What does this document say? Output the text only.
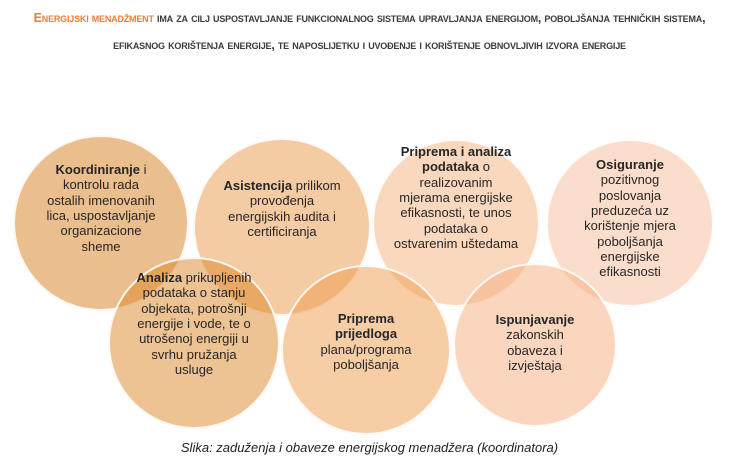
Energijski menadžment ima za cilj uspostavljanje funkcionalnog sistema upravljanja energijom, poboljšanja tehničkih sistema, efikasnog korištenja energije, te naposlijetku i uvođenje i korištenje obnovljivih izvora energije
Koordiniranje i kontrolu rada ostalih imenovanih lica, uspostavljanje organizacione sheme
Asistencija prilikom provođenja energijskih audita i certificiranja
Priprema i analiza podataka o realizovanim mjerama energijske efikasnosti, te unos podataka o ostvarenim uštedama
Osiguranje pozitivnog poslovanja preduzeća uz korištenje mjera poboljšanja energijske efikasnosti
Analiza prikupljenih podataka o stanju objekata, potrošnji energije i vode, te o utrošenoj energiji u svrhu pružanja usluge
Priprema prijedloga plana/programa poboljšanja
Ispunjavanje zakonskih obaveza i izvještaja
Slika: zaduženja i obaveze energijskog menadžera (koordinatora)
